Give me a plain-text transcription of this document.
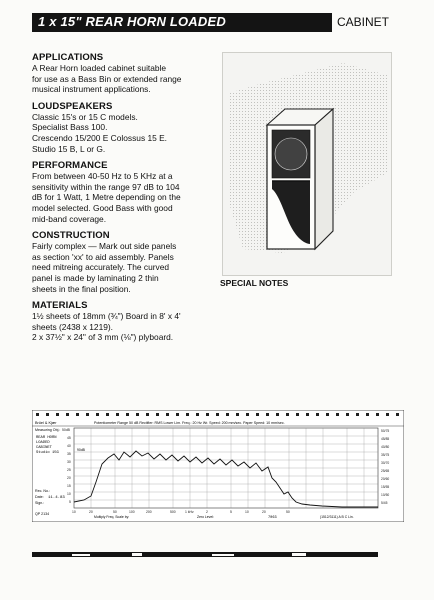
1 x 15" REAR HORN LOADED	CABINET
APPLICATIONS

A Rear Horn loaded cabinet suitable
for use as a Bass Bin or extended range
musical instrument applications.

LOUDSPEAKERS

Classic 15's or 15 C models.
Specialist Bass 100.
Crescendo 15/200 E Colossus 15 E.
Studio 15 B, L or G.

PERFORMANCE

From between 40-50 Hz to 5 KHz at a
sensitivity within the range 97 dB to 104
dB for 1 Watt, 1 Metre depending on the
model selected. Good Bass with good
mid-band coverage.

CONSTRUCTION

Fairly complex — Mark out side panels
as section 'xx' to aid assembly. Panels
need mitreing accurately. The curved
panel is made by laminating 2 thin
sheets in the final position.

MATERIALS

1½ sheets of 18mm (¾") Board in 8' x 4'
sheets (2438 x 1219).
2 x 37½" x 24" of 3 mm (⅛") plyboard.

SPECIAL NOTES
Brüel & Kjær	Potentiometer Range 50 dB Rectifier: RMS Lower Lim. Freq.: 20 Hz Wr. Speed: 200 mm/sec. Paper Speed: 10 mm/sec.
Measuring Obj.:
REAR HORN
LOADED
CABINET
Studio 15G
Rec. No.:
Date: 11.4.83
Sign.:
QP 2134
50dB
45
40
35
30
25
20
15
10
5
50/75
45/85
40/80
35/75
30/70
25/65
20/60
15/55
10/50
5/45
90dB
10	20	50	100	200	500	1 kHz	2	5	10	20	50
Multiply Freq. Scale by:	Zero Level:	7063	(1512/3111) A B C Lin.
